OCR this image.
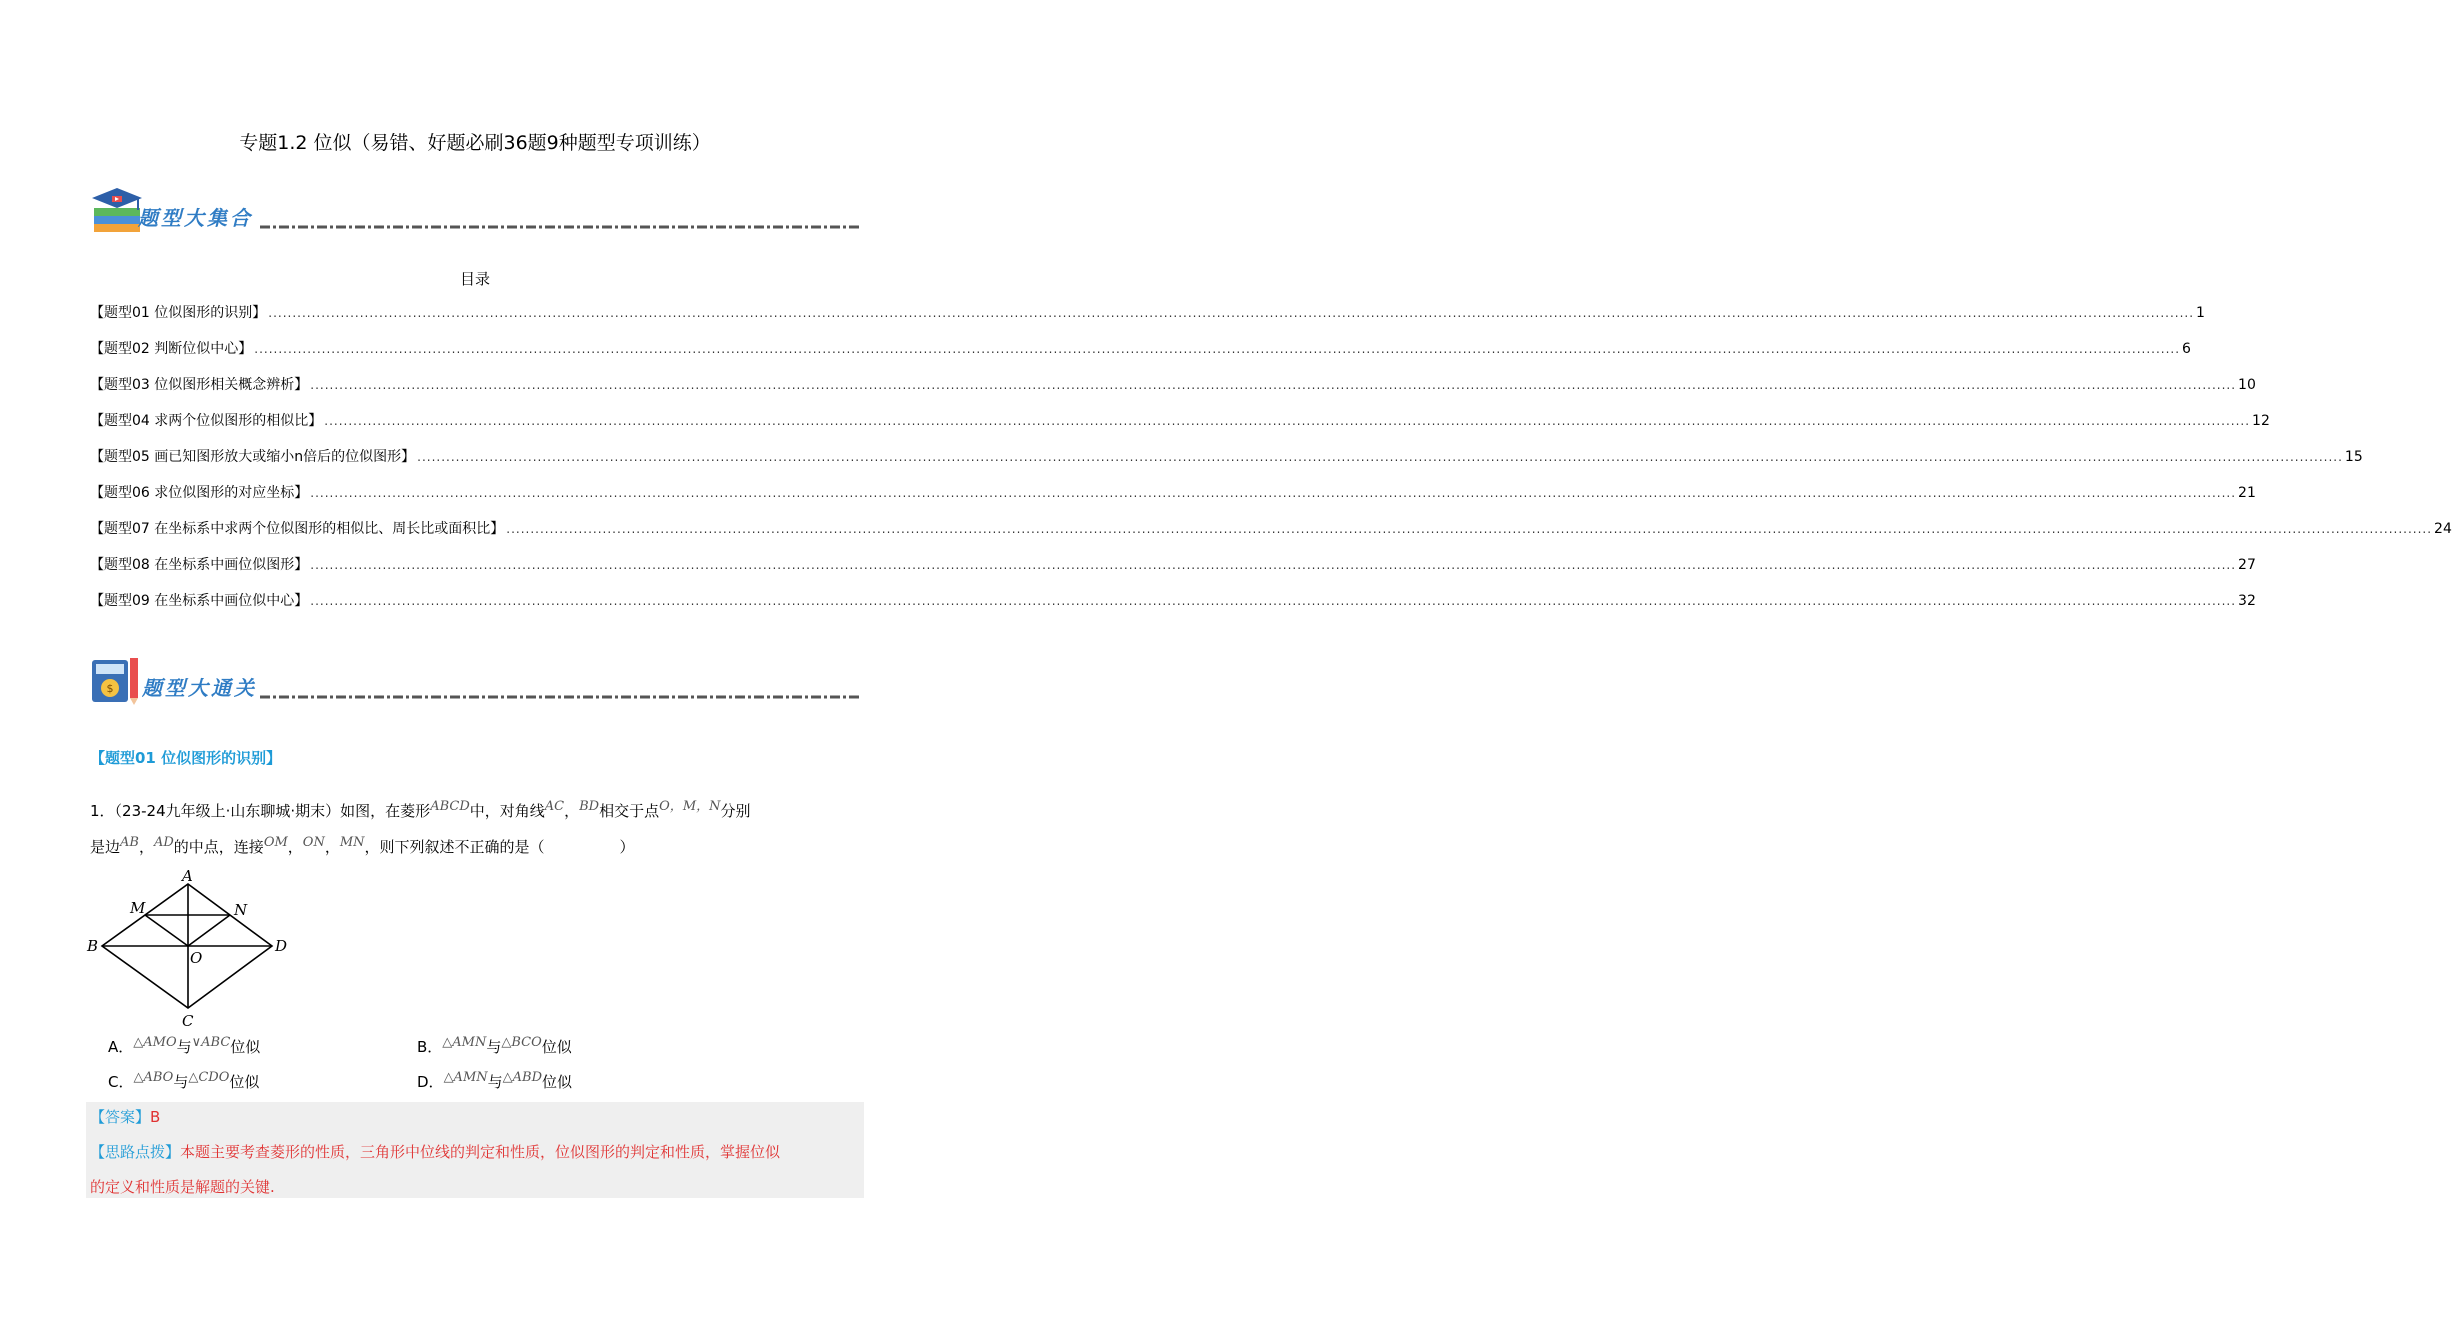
专题1.2 位似（易错、好题必刷36题9种题型专项训练）
题型大集合
目录
【题型01 位似图形的识别】 ................................................................................................................................................................................................................................................................................................................................................................................................................ 1
【题型02 判断位似中心】 ................................................................................................................................................................................................................................................................................................................................................................................................................ 6
【题型03 位似图形相关概念辨析】 ................................................................................................................................................................................................................................................................................................................................................................................................................ 10
【题型04 求两个位似图形的相似比】 ................................................................................................................................................................................................................................................................................................................................................................................................................ 12
【题型05 画已知图形放大或缩小n倍后的位似图形】 ................................................................................................................................................................................................................................................................................................................................................................................................................ 15
【题型06 求位似图形的对应坐标】 ................................................................................................................................................................................................................................................................................................................................................................................................................ 21
【题型07 在坐标系中求两个位似图形的相似比、周长比或面积比】 ................................................................................................................................................................................................................................................................................................................................................................................................................ 24
【题型08 在坐标系中画位似图形】 ................................................................................................................................................................................................................................................................................................................................................................................................................ 27
【题型09 在坐标系中画位似中心】 ................................................................................................................................................................................................................................................................................................................................................................................................................ 32
$ 题型大通关
【题型01 位似图形的识别】
1．（23-24九年级上·山东聊城·期末）如图，在菱形ABCD中，对角线AC，BD相交于点O，M，N分别
是边AB，AD的中点，连接OM，ON，MN，则下列叙述不正确的是（　　　　　）
A
B
C
D
M	N
O
A．△AMO与∨ABC位似	B．△AMN与△BCO位似
C．△ABO与△CDO位似	D．△AMN与△ABD位似
【答案】B
【思路点拨】本题主要考查菱形的性质，三角形中位线的判定和性质，位似图形的判定和性质，掌握位似
的定义和性质是解题的关键.
